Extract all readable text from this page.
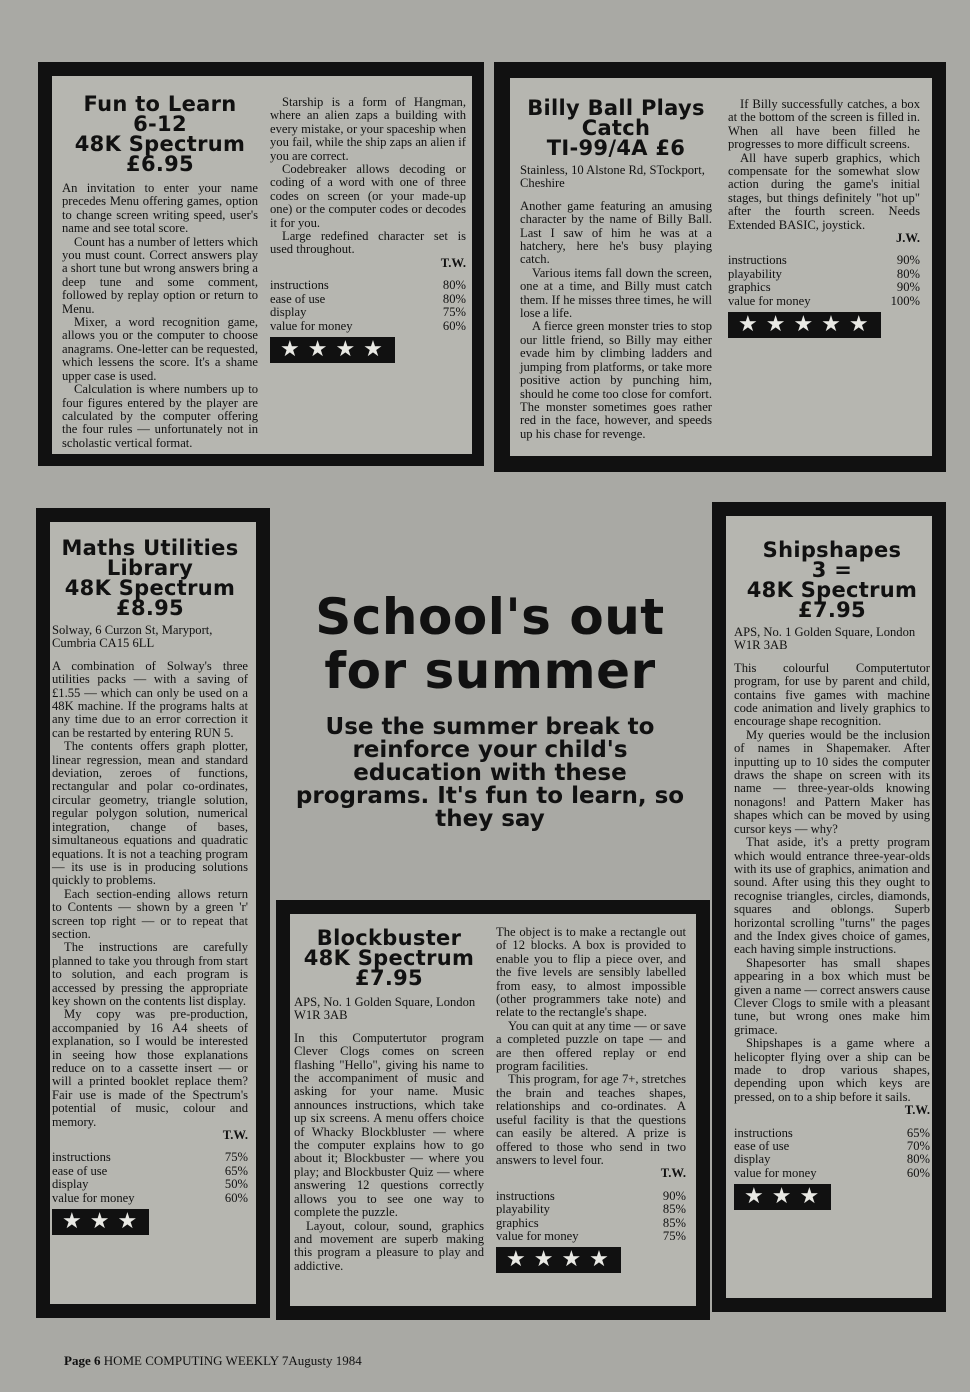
Fun to Learn
6-12
48K Spectrum
£6.95

An invitation to enter your name precedes Menu offering games, option to change screen writing speed, user's name and see total score.

Count has a number of letters which you must count. Correct answers play a short tune but wrong answers bring a deep tune and some comment, followed by replay option or return to Menu.

Mixer, a word recognition game, allows you or the computer to choose anagrams. One-letter can be requested, which lessens the score. It's a shame upper case is used.

Calculation is where numbers up to four figures entered by the player are calculated by the computer offering the four rules — unfortunately not in scholastic vertical format.

Starship is a form of Hangman, where an alien zaps a building with every mistake, or your spaceship when you fail, while the ship zaps an alien if you are correct.

Codebreaker allows decoding or coding of a word with one of three codes on screen (or your made-up one) or the computer codes or decodes it for you.

Large redefined character set is used throughout.

T.W.
instructions	80%
ease of use	80%
display	75%
value for money	60%
★★★★
Billy Ball Plays
Catch
TI-99/4A £6

Stainless, 10 Alstone Rd, STockport, Cheshire

Another game featuring an amusing character by the name of Billy Ball. Last I saw of him he was at a hatchery, here he's busy playing catch.

Various items fall down the screen, one at a time, and Billy must catch them. If he misses three times, he will lose a life.

A fierce green monster tries to stop our little friend, so Billy may either evade him by climbing ladders and jumping from platforms, or take more positive action by punching him, should he come too close for comfort. The monster sometimes goes rather red in the face, however, and speeds up his chase for revenge.

If Billy successfully catches, a box at the bottom of the screen is filled in. When all have been filled he progresses to more difficult screens.

All have superb graphics, which compensate for the somewhat slow action during the game's initial stages, but things definitely "hot up" after the fourth screen. Needs Extended BASIC, joystick.

J.W.
instructions	90%
playability	80%
graphics	90%
value for money	100%
★★★★★
Maths Utilities
Library
48K Spectrum
£8.95

Solway, 6 Curzon St, Maryport, Cumbria CA15 6LL

A combination of Solway's three utilities packs — with a saving of £1.55 — which can only be used on a 48K machine. If the programs halts at any time due to an error correction it can be restarted by entering RUN 5.

The contents offers graph plotter, linear regression, mean and standard deviation, zeroes of functions, rectangular and polar co-ordinates, circular geometry, triangle solution, regular polygon solution, numerical integration, change of bases, simultaneous equations and quadratic equations. It is not a teaching program — its use is in producing solutions quickly to problems.

Each section-ending allows return to Contents — shown by a green 'r' screen top right — or to repeat that section.

The instructions are carefully planned to take you through from start to solution, and each program is accessed by pressing the appropriate key shown on the contents list display.

My copy was pre-production, accompanied by 16 A4 sheets of explanation, so I would be interested in seeing how those explanations reduce on to a cassette insert — or will a printed booklet replace them? Fair use is made of the Spectrum's potential of music, colour and memory.

T.W.
instructions	75%
ease of use	65%
display	50%
value for money	60%
★★★
Shipshapes
3 =
48K Spectrum
£7.95

APS, No. 1 Golden Square, London W1R 3AB

This colourful Computertutor program, for use by parent and child, contains five games with machine code animation and lively graphics to encourage shape recognition.

My queries would be the inclusion of names in Shapemaker. After inputting up to 10 sides the computer draws the shape on screen with its name — three-year-olds knowing nonagons! and Pattern Maker has shapes which can be moved by using cursor keys — why?

That aside, it's a pretty program which would entrance three-year-olds with its use of graphics, animation and sound. After using this they ought to recognise triangles, circles, diamonds, squares and oblongs. Superb horizontal scrolling "turns" the pages and the Index gives choice of games, each having simple instructions.

Shapesorter has small shapes appearing in a box which must be given a name — correct answers cause Clever Clogs to smile with a pleasant tune, but wrong ones make him grimace.

Shipshapes is a game where a helicopter flying over a ship can be made to drop various shapes, depending upon which keys are pressed, on to a ship before it sails.

T.W.
instructions	65%
ease of use	70%
display	80%
value for money	60%
★★★
Blockbuster
48K Spectrum
£7.95

APS, No. 1 Golden Square, London W1R 3AB

In this Computertutor program Clever Clogs comes on screen flashing "Hello", giving his name to the accompaniment of music and asking for your name. Music announces instructions, which take up six screens. A menu offers choice of Whacky Blockbluster — where the computer explains how to go about it; Blockbuster — where you play; and Blockbuster Quiz — where answering 12 questions correctly allows you to see one way to complete the puzzle.

Layout, colour, sound, graphics and movement are superb making this program a pleasure to play and addictive.

The object is to make a rectangle out of 12 blocks. A box is provided to enable you to flip a piece over, and the five levels are sensibly labelled from easy, to almost impossible (other programmers take note) and relate to the rectangle's shape.

You can quit at any time — or save a completed puzzle on tape — and are then offered replay or end program facilities.

This program, for age 7+, stretches the brain and teaches shapes, relationships and co-ordinates. A useful facility is that the questions can easily be altered. A prize is offered to those who send in two answers to level four.

T.W.
instructions	90%
playability	85%
graphics	85%
value for money	75%
★★★★
School's out for summer
Use the summer break to reinforce your child's education with these programs. It's fun to learn, so they say
Page 6 HOME COMPUTING WEEKLY 7Augusty 1984
